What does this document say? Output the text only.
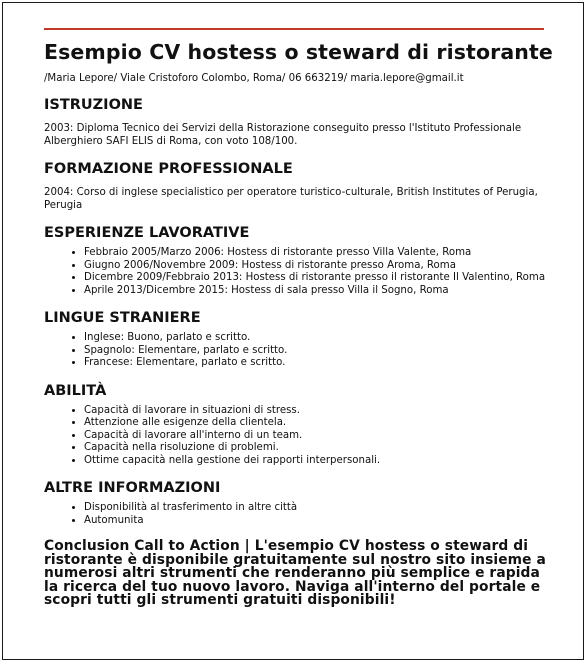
Esempio CV hostess o steward di ristorante
/Maria Lepore/ Viale Cristoforo Colombo, Roma/ 06 663219/ maria.lepore@gmail.it
ISTRUZIONE
2003: Diploma Tecnico dei Servizi della Ristorazione conseguito presso l'Istituto Professionale Alberghiero SAFI ELIS di Roma, con voto 108/100.
FORMAZIONE PROFESSIONALE
2004: Corso di inglese specialistico per operatore turistico-culturale, British Institutes of Perugia, Perugia
ESPERIENZE LAVORATIVE
• Febbraio 2005/Marzo 2006: Hostess di ristorante presso Villa Valente, Roma
• Giugno 2006/Novembre 2009: Hostess di ristorante presso Aroma, Roma
• Dicembre 2009/Febbraio 2013: Hostess di ristorante presso il ristorante Il Valentino, Roma
• Aprile 2013/Dicembre 2015: Hostess di sala presso Villa il Sogno, Roma
LINGUE STRANIERE
• Inglese: Buono, parlato e scritto.
• Spagnolo: Elementare, parlato e scritto.
• Francese: Elementare, parlato e scritto.
ABILITÀ
• Capacità di lavorare in situazioni di stress.
• Attenzione alle esigenze della clientela.
• Capacità di lavorare all'interno di un team.
• Capacità nella risoluzione di problemi.
• Ottime capacità nella gestione dei rapporti interpersonali.
ALTRE INFORMAZIONI
• Disponibilità al trasferimento in altre città
• Automunita
Conclusion Call to Action | L'esempio CV hostess o steward di ristorante è disponibile gratuitamente sul nostro sito insieme a numerosi altri strumenti che renderanno più semplice e rapida la ricerca del tuo nuovo lavoro. Naviga all'interno del portale e scopri tutti gli strumenti gratuiti disponibili!
